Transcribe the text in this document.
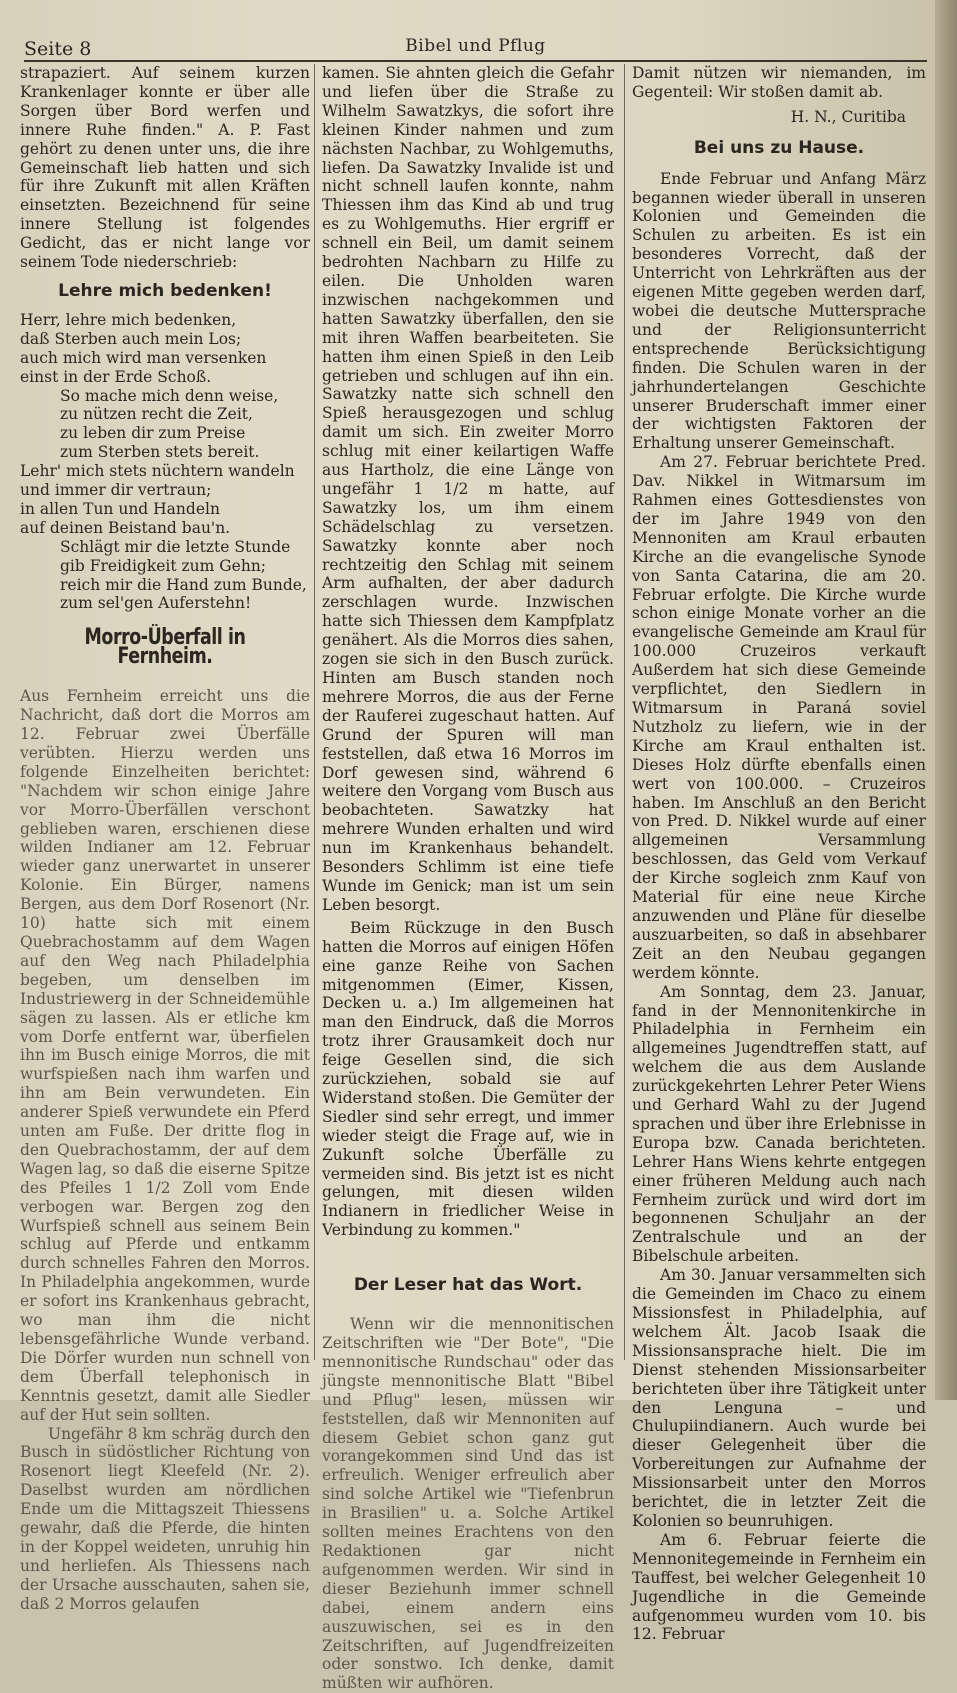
Seite 8	Bibel und Pflug

strapaziert. Auf seinem kurzen Krankenlager konnte er über alle Sorgen über Bord werfen und innere Ruhe finden." A. P. Fast gehört zu denen unter uns, die ihre Gemeinschaft lieb hatten und sich für ihre Zukunft mit allen Kräften einsetzten. Bezeichnend für seine innere Stellung ist folgendes Gedicht, das er nicht lange vor seinem Tode niederschrieb:

Lehre mich bedenken!
Herr, lehre mich bedenken,
daß Sterben auch mein Los;
auch mich wird man versenken
einst in der Erde Schoß.
So mache mich denn weise,
zu nützen recht die Zeit,
zu leben dir zum Preise
zum Sterben stets bereit.
Lehr' mich stets nüchtern wandeln
und immer dir vertraun;
in allen Tun und Handeln
auf deinen Beistand bau'n.
Schlägt mir die letzte Stunde
gib Freidigkeit zum Gehn;
reich mir die Hand zum Bunde,
zum sel'gen Auferstehn!
Morro-Überfall in Fernheim.

Aus Fernheim erreicht uns die Nachricht, daß dort die Morros am 12. Februar zwei Überfälle verübten. Hierzu werden uns folgende Einzelheiten berichtet: "Nachdem wir schon einige Jahre vor Morro-Überfällen verschont geblieben waren, erschienen diese wilden Indianer am 12. Februar wieder ganz unerwartet in unserer Kolonie. Ein Bürger, namens Bergen, aus dem Dorf Rosenort (Nr. 10) hatte sich mit einem Quebrachostamm auf dem Wagen auf den Weg nach Philadelphia begeben, um denselben im Industriewerg in der Schneidemühle sägen zu lassen. Als er etliche km vom Dorfe entfernt war, überfielen ihn im Busch einige Morros, die mit wurfspießen nach ihm warfen und ihn am Bein verwundeten. Ein anderer Spieß verwundete ein Pferd unten am Fuße. Der dritte flog in den Quebrachostamm, der auf dem Wagen lag, so daß die eiserne Spitze des Pfeiles 1 1/2 Zoll vom Ende verbogen war. Bergen zog den Wurfspieß schnell aus seinem Bein schlug auf Pferde und entkamm durch schnelles Fahren den Morros. In Philadelphia angekommen, wurde er sofort ins Krankenhaus gebracht, wo man ihm die nicht lebensgefährliche Wunde verband. Die Dörfer wurden nun schnell von dem Überfall telephonisch in Kenntnis gesetzt, damit alle Siedler auf der Hut sein sollten.

Ungefähr 8 km schräg durch den Busch in südöstlicher Richtung von Rosenort liegt Kleefeld (Nr. 2). Daselbst wurden am nördlichen Ende um die Mittagszeit Thiessens gewahr, daß die Pferde, die hinten in der Koppel weideten, unruhig hin und herliefen. Als Thiessens nach der Ursache ausschauten, sahen sie, daß 2 Morros gelaufen

kamen. Sie ahnten gleich die Gefahr und liefen über die Straße zu Wilhelm Sawatzkys, die sofort ihre kleinen Kinder nahmen und zum nächsten Nachbar, zu Wohlgemuths, liefen. Da Sawatzky Invalide ist und nicht schnell laufen konnte, nahm Thiessen ihm das Kind ab und trug es zu Wohlgemuths. Hier ergriff er schnell ein Beil, um damit seinem bedrohten Nachbarn zu Hilfe zu eilen. Die Unholden waren inzwischen nachgekommen und hatten Sawatzky überfallen, den sie mit ihren Waffen bearbeiteten. Sie hatten ihm einen Spieß in den Leib getrieben und schlugen auf ihn ein. Sawatzky natte sich schnell den Spieß herausgezogen und schlug damit um sich. Ein zweiter Morro schlug mit einer keilartigen Waffe aus Hartholz, die eine Länge von ungefähr 1 1/2 m hatte, auf Sawatzky los, um ihm einem Schädelschlag zu versetzen. Sawatzky konnte aber noch rechtzeitig den Schlag mit seinem Arm aufhalten, der aber dadurch zerschlagen wurde. Inzwischen hatte sich Thiessen dem Kampfplatz genähert. Als die Morros dies sahen, zogen sie sich in den Busch zurück. Hinten am Busch standen noch mehrere Morros, die aus der Ferne der Rauferei zugeschaut hatten. Auf Grund der Spuren will man feststellen, daß etwa 16 Morros im Dorf gewesen sind, während 6 weitere den Vorgang vom Busch aus beobachteten. Sawatzky hat mehrere Wunden erhalten und wird nun im Krankenhaus behandelt. Besonders Schlimm ist eine tiefe Wunde im Genick; man ist um sein Leben besorgt.

Beim Rückzuge in den Busch hatten die Morros auf einigen Höfen eine ganze Reihe von Sachen mitgenommen (Eimer, Kissen, Decken u. a.) Im allgemeinen hat man den Eindruck, daß die Morros trotz ihrer Grausamkeit doch nur feige Gesellen sind, die sich zurückziehen, sobald sie auf Widerstand stoßen. Die Gemüter der Siedler sind sehr erregt, und immer wieder steigt die Frage auf, wie in Zukunft solche Überfälle zu vermeiden sind. Bis jetzt ist es nicht gelungen, mit diesen wilden Indianern in friedlicher Weise in Verbindung zu kommen."

Der Leser hat das Wort.

Wenn wir die mennonitischen Zeitschriften wie "Der Bote", "Die mennonitische Rundschau" oder das jüngste mennonitische Blatt "Bibel und Pflug" lesen, müssen wir feststellen, daß wir Mennoniten auf diesem Gebiet schon ganz gut vorangekommen sind Und das ist erfreulich. Weniger erfreulich aber sind solche Artikel wie "Tiefenbrun in Brasilien" u. a. Solche Artikel sollten meines Erachtens von den Redaktionen gar nicht aufgenommen werden. Wir sind in dieser Beziehunh immer schnell dabei, einem andern eins auszuwischen, sei es in den Zeitschriften, auf Jugendfreizeiten oder sonstwo. Ich denke, damit müßten wir aufhören.

Damit nützen wir niemanden, im Gegenteil: Wir stoßen damit ab.

H. N., Curitiba
Bei uns zu Hause.

Ende Februar und Anfang März begannen wieder überall in unseren Kolonien und Gemeinden die Schulen zu arbeiten. Es ist ein besonderes Vorrecht, daß der Unterricht von Lehrkräften aus der eigenen Mitte gegeben werden darf, wobei die deutsche Muttersprache und der Religionsunterricht entsprechende Berücksichtigung finden. Die Schulen waren in der jahrhundertelangen Geschichte unserer Bruderschaft immer einer der wichtigsten Faktoren der Erhaltung unserer Gemeinschaft.

Am 27. Februar berichtete Pred. Dav. Nikkel in Witmarsum im Rahmen eines Gottesdienstes von der im Jahre 1949 von den Mennoniten am Kraul erbauten Kirche an die evangelische Synode von Santa Catarina, die am 20. Februar erfolgte. Die Kirche wurde schon einige Monate vorher an die evangelische Gemeinde am Kraul für 100.000 Cruzeiros verkauft Außerdem hat sich diese Gemeinde verpflichtet, den Siedlern in Witmarsum in Paraná soviel Nutzholz zu liefern, wie in der Kirche am Kraul enthalten ist. Dieses Holz dürfte ebenfalls einen wert von 100.000. – Cruzeiros haben. Im Anschluß an den Bericht von Pred. D. Nikkel wurde auf einer allgemeinen Versammlung beschlossen, das Geld vom Verkauf der Kirche sogleich znm Kauf von Material für eine neue Kirche anzuwenden und Pläne für dieselbe auszuarbeiten, so daß in absehbarer Zeit an den Neubau gegangen werdem könnte.

Am Sonntag, dem 23. Januar, fand in der Mennonitenkirche in Philadelphia in Fernheim ein allgemeines Jugendtreffen statt, auf welchem die aus dem Auslande zurückgekehrten Lehrer Peter Wiens und Gerhard Wahl zu der Jugend sprachen und über ihre Erlebnisse in Europa bzw. Canada berichteten. Lehrer Hans Wiens kehrte entgegen einer früheren Meldung auch nach Fernheim zurück und wird dort im begonnenen Schuljahr an der Zentralschule und an der Bibelschule arbeiten.

Am 30. Januar versammelten sich die Gemeinden im Chaco zu einem Missionsfest in Philadelphia, auf welchem Ält. Jacob Isaak die Missionsansprache hielt. Die im Dienst stehenden Missionsarbeiter berichteten über ihre Tätigkeit unter den Lenguna – und Chulupiindianern. Auch wurde bei dieser Gelegenheit über die Vorbereitungen zur Aufnahme der Missionsarbeit unter den Morros berichtet, die in letzter Zeit die Kolonien so beunruhigen.

Am 6. Februar feierte die Mennonitegemeinde in Fernheim ein Tauffest, bei welcher Gelegenheit 10 Jugendliche in die Gemeinde aufgenommeu wurden vom 10. bis 12. Februar
